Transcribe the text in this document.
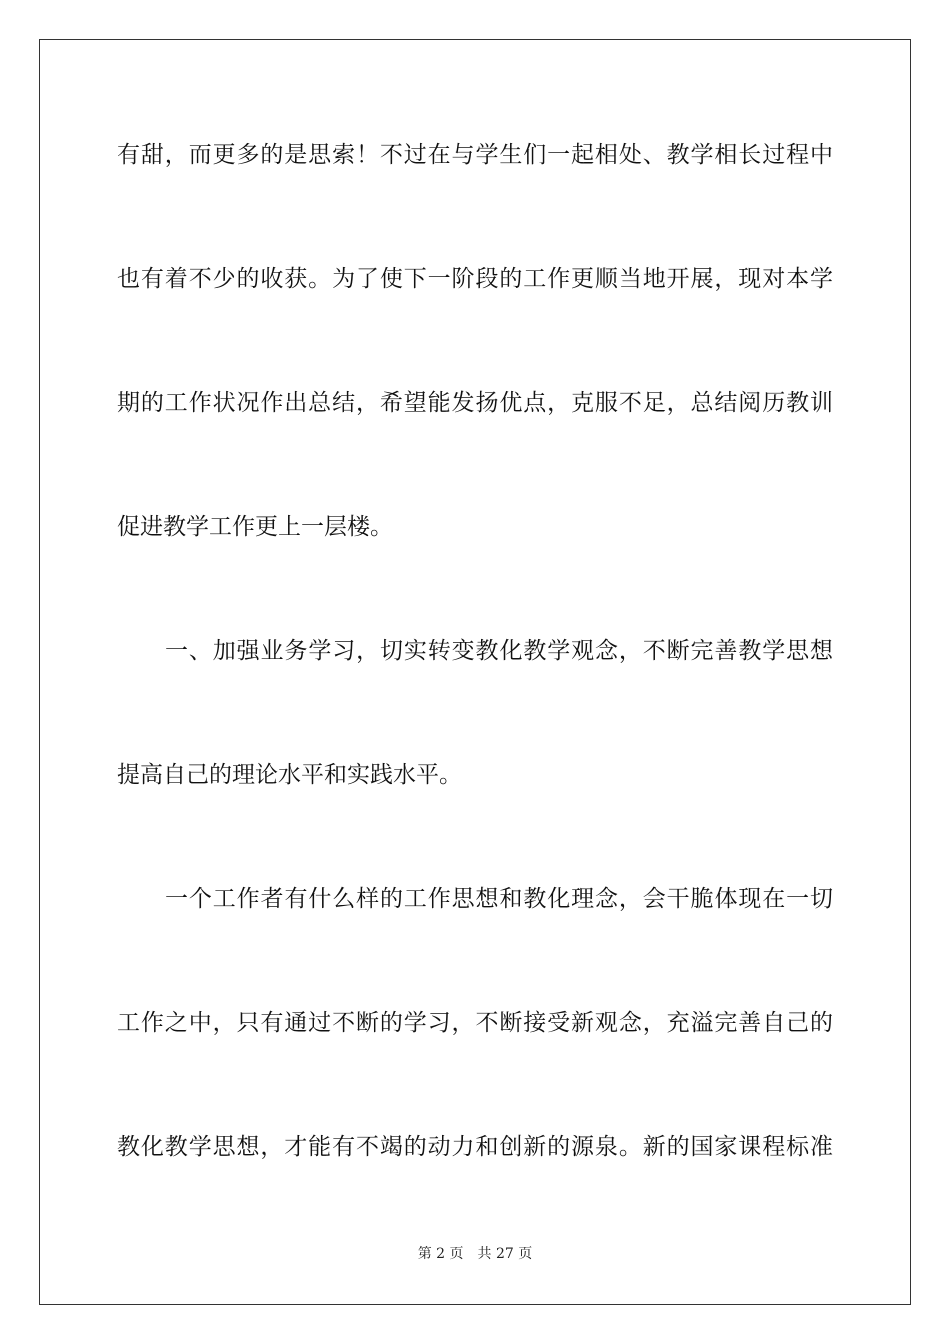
有甜，而更多的是思索！不过在与学生们一起相处、教学相长过程中
也有着不少的收获。为了使下一阶段的工作更顺当地开展，现对本学
期的工作状况作出总结，希望能发扬优点，克服不足，总结阅历教训
促进教学工作更上一层楼。
一、加强业务学习，切实转变教化教学观念，不断完善教学思想
提高自己的理论水平和实践水平。
一个工作者有什么样的工作思想和教化理念，会干脆体现在一切
工作之中，只有通过不断的学习，不断接受新观念，充溢完善自己的
教化教学思想，才能有不竭的动力和创新的源泉。新的国家课程标准
第 2 页 共 27 页
